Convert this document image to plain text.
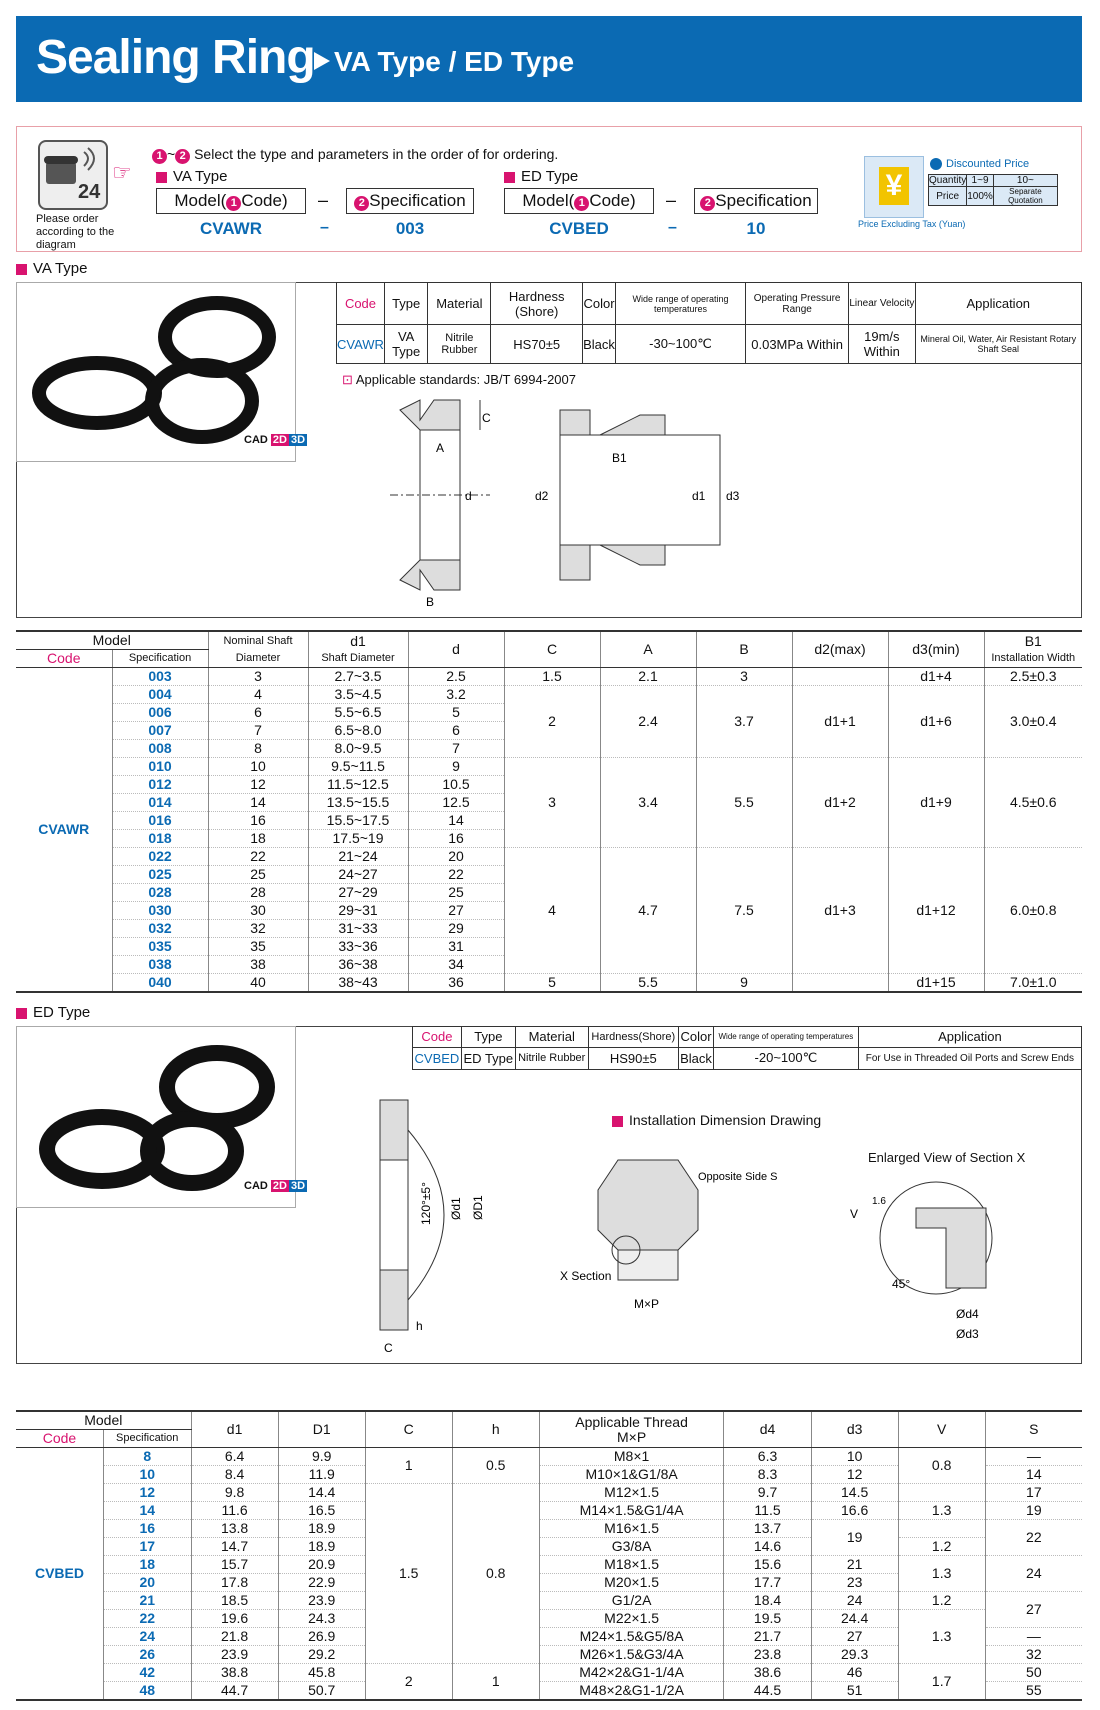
Sealing Ring VA Type / ED Type
24
Please order according to the diagram
☞
1 ~ 2 Select the type and parameters in the order of for ordering.
VA Type	ED Type
Model( 1 Code)	–	2 Specification
CVAWR	–	003
Model( 1 Code)	–	2 Specification
CVBED	–	10
¥
Price Excluding Tax (Yuan)
Discounted Price
Quantity	1~9	10~
Price	100%	Separate Quotation
VA Type
CAD 2D 3D
Code	Type	Material	Hardness (Shore)	Color	Wide range of operating temperatures	Operating Pressure Range	Linear Velocity	Application
CVAWR	VA Type	Nitrile Rubber	HS70±5	Black	-30~100℃	0.03MPa Within	19m/s Within	Mineral Oil, Water, Air Resistant Rotary Shaft Seal
⊡ Applicable standards: JB/T 6994-2007
C
A
d
B
d2
B1
d1 d3
Model		Nominal Shaft Diameter	d1
Shaft Diameter	d	C	A	B	d2(max)	d3(min)	B1
Installation Width
Code	Specification									
CVAWR	003	3	2.7~3.5	2.5	1.5	2.1	3		d1+4	2.5±0.3
	004	4	3.5~4.5	3.2	2	2.4	3.7	d1+1	d1+6	3.0±0.4
	006	6	5.5~6.5	5						
	007	7	6.5~8.0	6						
	008	8	8.0~9.5	7						
	010	10	9.5~11.5	9	3	3.4	5.5	d1+2	d1+9	4.5±0.6
	012	12	11.5~12.5	10.5						
	014	14	13.5~15.5	12.5						
	016	16	15.5~17.5	14						
	018	18	17.5~19	16						
	022	22	21~24	20	4	4.7	7.5	d1+3	d1+12	6.0±0.8
	025	25	24~27	22						
	028	28	27~29	25						
	030	30	29~31	27						
	032	32	31~33	29						
	035	35	33~36	31						
	038	38	36~38	34						
	040	40	38~43	36	5	5.5	9		d1+15	7.0±1.0
ED Type
CAD 2D 3D
Code	Type	Material	Hardness(Shore)	Color	Wide range of operating temperatures	Application
CVBED	ED Type	Nitrile Rubber	HS90±5	Black	-20~100℃	For Use in Threaded Oil Ports and Screw Ends
120°±5° Ød1 ØD1
h
C
Installation Dimension Drawing
X Section
M×P
Opposite Side S
Enlarged View of Section X
V
1.6
45°
Ød4
Ød3
Model		d1	D1	C	h	Applicable Thread
M×P	d4	d3	V	S
Code	Specification									
CVBED	8	6.4	9.9	1	0.5	M8×1	6.3	10	0.8	—
	10	8.4	11.9			M10×1&G1/8A	8.3	12		14
	12	9.8	14.4	1.5	0.8	M12×1.5	9.7	14.5		17
	14	11.6	16.5			M14×1.5&G1/4A	11.5	16.6	1.3	19
	16	13.8	18.9			M16×1.5	13.7	19		22
	17	14.7	18.9			G3/8A	14.6		1.2	
	18	15.7	20.9			M18×1.5	15.6	21	1.3	24
	20	17.8	22.9			M20×1.5	17.7	23		
	21	18.5	23.9			G1/2A	18.4	24	1.2	27
	22	19.6	24.3			M22×1.5	19.5	24.4	1.3	
	24	21.8	26.9			M24×1.5&G5/8A	21.7	27		—
	26	23.9	29.2			M26×1.5&G3/4A	23.8	29.3		32
	42	38.8	45.8	2	1	M42×2&G1-1/4A	38.6	46	1.7	50
	48	44.7	50.7			M48×2&G1-1/2A	44.5	51		55
